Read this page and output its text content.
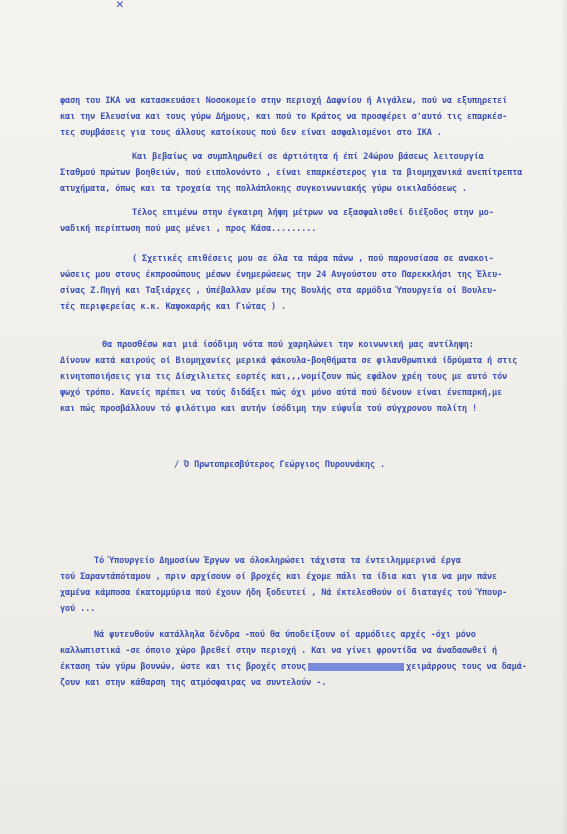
✕
φαση του ΙΚΑ να κατασκευάσει Νοσοκομείο στην περιοχή Δαφνίου ή Αιγάλεω, πού να εξυπηρετεί
και την Ελευσίνα και τους γύρω Δήμους, και πού το Κράτος να προσφέρει σ'αυτό τις επαρκέσ-
τες συμβάσεις για τους άλλους κατοίκους πού δεν είναι ασφαλισμένοι στο ΙΚΑ .
Και βεβαίως να συμπληρωθεί σε άρτιότητα ή έπί 24ώρου βάσεως λειτουργία
Σταθμού πρώτων βοηθειών, πού ειπολονόντο , είναι επαρκέστερος για τα βιομηχανικά ανεπίτρεπτα
ατυχήματα, όπως και τα τροχαία της πολλάπλοκης συγκοινωνιακής γύρω οικιλαδόσεως .
Τέλος επιμένω στην έγκαιρη λήψη μέτρων να εξασφαλισθεί διέξοδος στην μο-
ναδική περίπτωση πού μας μένει , προς Κάσα.........
( Σχετικές επιθέσεις μου σε όλα τα πάρα πάνω , πού παρουσίασα σε ανακοι-
νώσεις μου στους έκπροσώπους μέσων ένημερώσεως την 24 Αυγούστου στο Παρεκκλήσι της Έλευ-
σίνας Ζ.Πηγή και Ταξιάρχες , ύπέβαλλαν μέσω της Βουλής στα αρμόδια Ύπουργεία οί Βουλευ-
τές περιφερείας κ.κ. Καψοκαρής και Γιώτας ) .
Θα προσθέσω και μιά ίσόδιμη νότα πού χαρηλώνει την κοινωνική μας αντίληψη:
Δίνουν κατά καιρούς οί Βιομηχανίες μερικά φάκουλα-βοηθήματα σε φιλανθρωπικά ίδρύματα ή στις
κινητοποιήσεις για τις Δίσχιλιετες εορτές και,,,νομίζουν πώς εφάλον χρέη τους με αυτό τόν
ψωχό τρόπο. Κανείς πρέπει να τούς διδάξει πώς όχι μόνο αύτά πού δένουν είναι ένεπαρκή,με
και πώς προσβάλλουν τό φιλότιμο και αυτήν ίσόδιμη την εύφυΐα τού σύγχρονου πολίτη !
/ Ό Πρωτοπρεσβύτερος Γεώργιος Πυρουνάκης .
Τό Ύπουργείο Δημοσίων Έργων να όλοκληρώσει τάχιστα τα έντειλημμερινά έργα
τού Σαραντάπόταμου , πριν αρχίσουν οί βροχές και έχομε πάλι τα ίδια και για να μην πάνε
χαμένα κάμποσα έκατομμύρια πού έχουν ήδη ξοδευτεί , Νά έκτελεσθούν οί διαταγές τού Ύπουρ-
γού ...
Νά φυτευθούν κατάλληλα δένδρα -πού θα ύποδείξουν οί αρμόδιες αρχές -όχι μόνο
καλλωπιστικά -σε όποιο χώρο βρεθεί στην περιοχή . Και να γίνει φροντίδα να άναδασωθεί ή
έκταση τών γύρω βουνών, ώστε και τις βροχές στους	χειμάρρους τους να δαμά-
ζουν και στην κάθαρση της ατμόσφαιρας να συντελούν -.
